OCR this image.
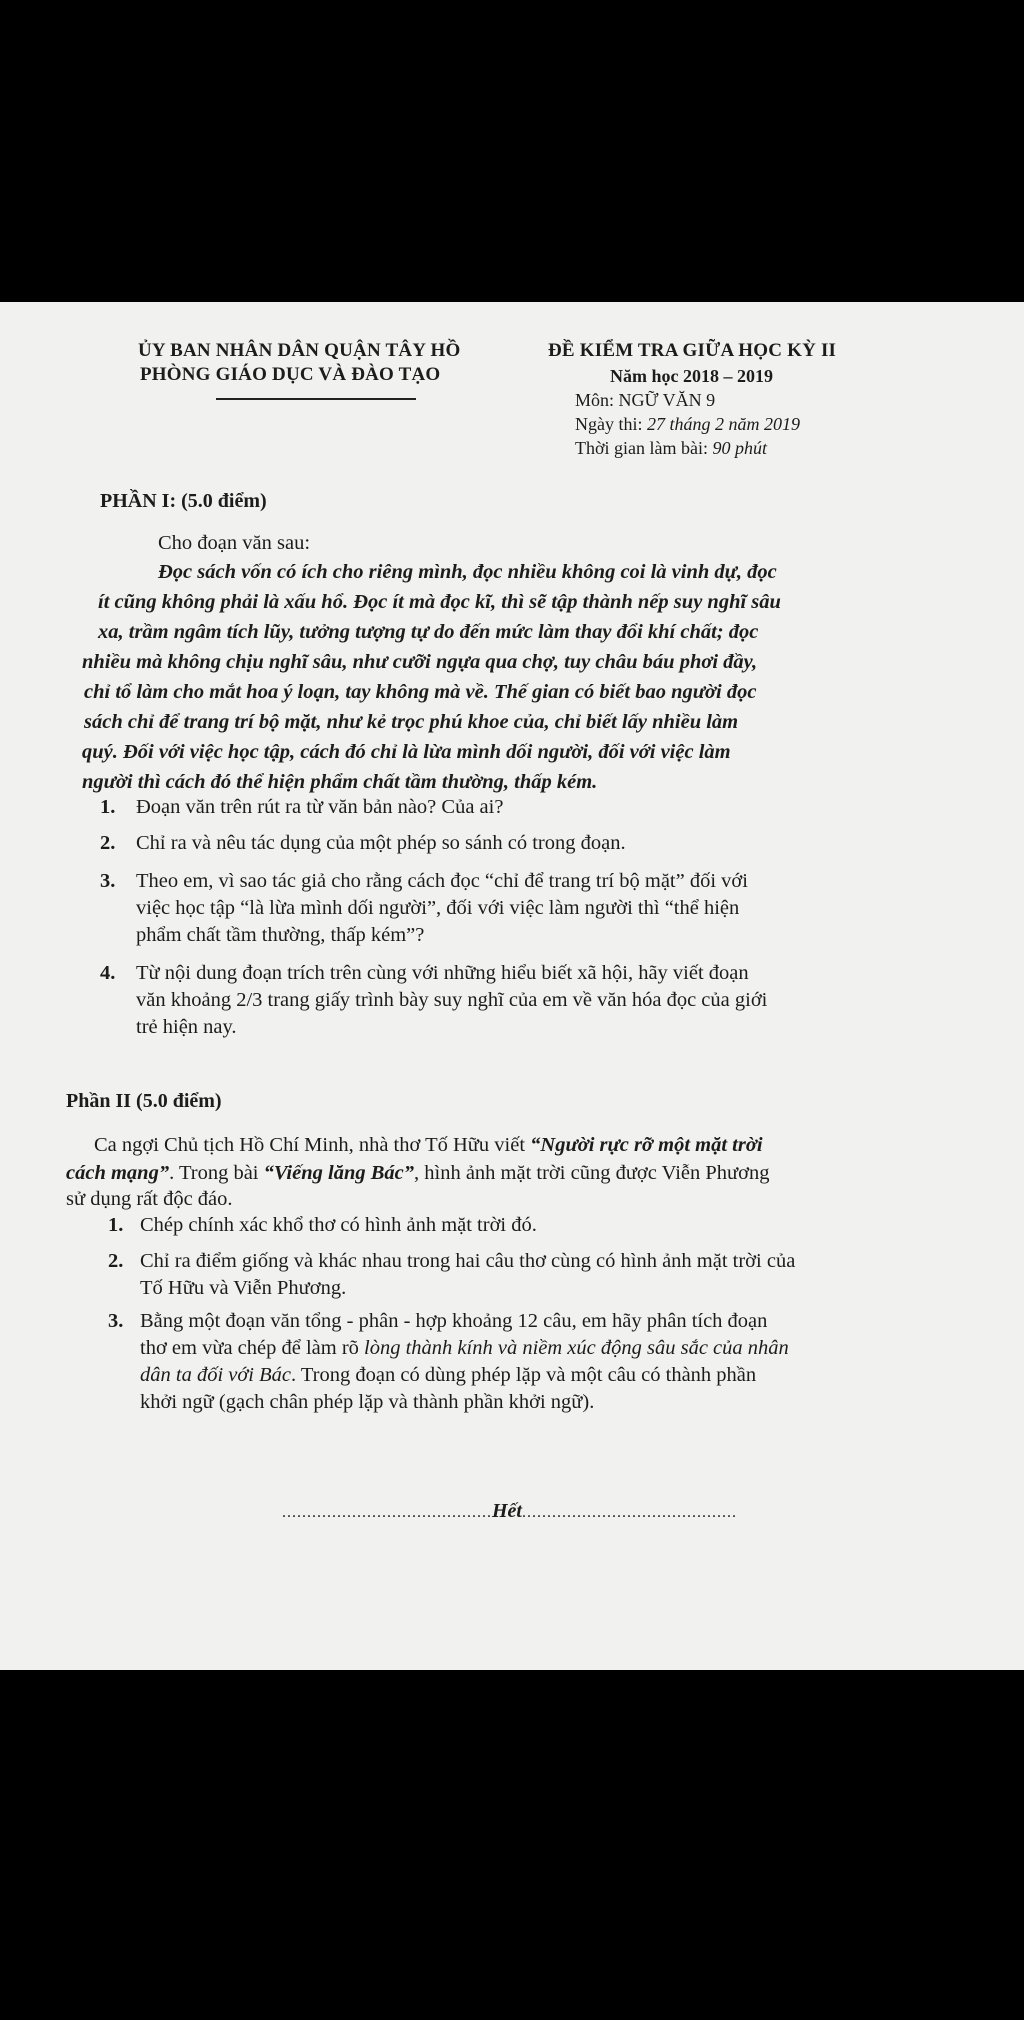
ỦY BAN NHÂN DÂN QUẬN TÂY HỒ
PHÒNG GIÁO DỤC VÀ ĐÀO TẠO
ĐỀ KIỂM TRA GIỮA HỌC KỲ II
Năm học 2018 – 2019
Môn: NGỮ VĂN 9
Ngày thi: 27 tháng 2 năm 2019
Thời gian làm bài: 90 phút
PHẦN I: (5.0 điểm)
Cho đoạn văn sau:
Đọc sách vốn có ích cho riêng mình, đọc nhiều không coi là vinh dự, đọc
ít cũng không phải là xấu hổ. Đọc ít mà đọc kĩ, thì sẽ tập thành nếp suy nghĩ sâu
xa, trầm ngâm tích lũy, tưởng tượng tự do đến mức làm thay đổi khí chất; đọc
nhiều mà không chịu nghĩ sâu, như cưỡi ngựa qua chợ, tuy châu báu phơi đầy,
chỉ tổ làm cho mắt hoa ý loạn, tay không mà về. Thế gian có biết bao người đọc
sách chỉ để trang trí bộ mặt, như kẻ trọc phú khoe của, chỉ biết lấy nhiều làm
quý. Đối với việc học tập, cách đó chỉ là lừa mình dối người, đối với việc làm
người thì cách đó thể hiện phẩm chất tầm thường, thấp kém.
1. Đoạn văn trên rút ra từ văn bản nào? Của ai?
2. Chỉ ra và nêu tác dụng của một phép so sánh có trong đoạn.
3. Theo em, vì sao tác giả cho rằng cách đọc “chỉ để trang trí bộ mặt” đối với
việc học tập “là lừa mình dối người”, đối với việc làm người thì “thể hiện
phẩm chất tầm thường, thấp kém”?
4. Từ nội dung đoạn trích trên cùng với những hiểu biết xã hội, hãy viết đoạn
văn khoảng 2/3 trang giấy trình bày suy nghĩ của em về văn hóa đọc của giới
trẻ hiện nay.
Phần II (5.0 điểm)
Ca ngợi Chủ tịch Hồ Chí Minh, nhà thơ Tố Hữu viết “Người rực rỡ một mặt trời
cách mạng”. Trong bài “Viếng lăng Bác”, hình ảnh mặt trời cũng được Viễn Phương
sử dụng rất độc đáo.
1. Chép chính xác khổ thơ có hình ảnh mặt trời đó.
2. Chỉ ra điểm giống và khác nhau trong hai câu thơ cùng có hình ảnh mặt trời của
Tố Hữu và Viễn Phương.
3. Bằng một đoạn văn tổng - phân - hợp khoảng 12 câu, em hãy phân tích đoạn
thơ em vừa chép để làm rõ lòng thành kính và niềm xúc động sâu sắc của nhân
dân ta đối với Bác. Trong đoạn có dùng phép lặp và một câu có thành phần
khởi ngữ (gạch chân phép lặp và thành phần khởi ngữ).
..........................................Hết...........................................
